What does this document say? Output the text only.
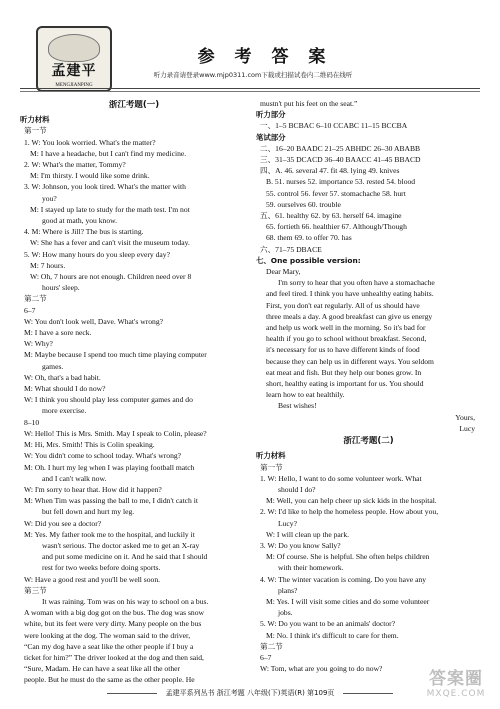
孟建平
MENGJIANPING
参 考 答 案
听力录音请登录www.mjp0311.com下载或扫描试卷内二维码在线听
浙江考题(一)
听力材料
第一节
1. W: You look worried. What's the matter?
M: I have a headache, but I can't find my medicine.
2. W: What's the matter, Tommy?
M: I'm thirsty. I would like some drink.
3. W: Johnson, you look tired. What's the matter with
you?
M: I stayed up late to study for the math test. I'm not
good at math, you know.
4. M: Where is Jill? The bus is starting.
W: She has a fever and can't visit the museum today.
5. W: How many hours do you sleep every day?
M: 7 hours.
W: Oh, 7 hours are not enough. Children need over 8
hours' sleep.
第二节
6–7
W: You don't look well, Dave. What's wrong?
M: I have a sore neck.
W: Why?
M: Maybe because I spend too much time playing computer
games.
W: Oh, that's a bad habit.
M: What should I do now?
W: I think you should play less computer games and do
more exercise.
8–10
W: Hello! This is Mrs. Smith. May I speak to Colin, please?
M: Hi, Mrs. Smith! This is Colin speaking.
W: You didn't come to school today. What's wrong?
M: Oh. I hurt my leg when I was playing football match
and I can't walk now.
W: I'm sorry to hear that. How did it happen?
M: When Tim was passing the ball to me, I didn't catch it
but fell down and hurt my leg.
W: Did you see a doctor?
M: Yes. My father took me to the hospital, and luckily it
wasn't serious. The doctor asked me to get an X-ray
and put some medicine on it. And he said that I should
rest for two weeks before doing sports.
W: Have a good rest and you'll be well soon.
第三节
It was raining. Tom was on his way to school on a bus.
A woman with a big dog got on the bus. The dog was snow
white, but its feet were very dirty. Many people on the bus
were looking at the dog. The woman said to the driver,
“Can my dog have a seat like the other people if I buy a
ticket for him?” The driver looked at the dog and then said,
“Sure, Madam. He can have a seat like all the other
people. But he must do the same as the other people. He
mustn't put his feet on the seat.”
听力部分
一、1–5 BCBAC 6–10 CCABC 11–15 BCCBA
笔试部分
二、16–20 BAADC 21–25 ABHDC 26–30 ABABB
三、31–35 DCACD 36–40 BAACC 41–45 BBACD
四、A. 46. several 47. fit 48. lying 49. knives
B. 51. nurses 52. importance 53. rested 54. blood
55. control 56. fever 57. stomachache 58. hurt
59. ourselves 60. trouble
五、61. healthy 62. by 63. herself 64. imagine
65. fortieth 66. healthier 67. Although/Though
68. them 69. to offer 70. has
六、71–75 DBACE
七、One possible version:
Dear Mary,
I'm sorry to hear that you often have a stomachache
and feel tired. I think you have unhealthy eating habits.
First, you don't eat regularly. All of us should have
three meals a day. A good breakfast can give us energy
and help us work well in the morning. So it's bad for
health if you go to school without breakfast. Second,
it's necessary for us to have different kinds of food
because they can help us in different ways. You seldom
eat meat and fish. But they help our bones grow. In
short, healthy eating is important for us. You should
learn how to eat healthily.
Best wishes!
Yours,
Lucy
浙江考题(二)
听力材料
第一节
1. W: Hello, I want to do some volunteer work. What
should I do?
M: Well, you can help cheer up sick kids in the hospital.
2. W: I'd like to help the homeless people. How about you,
Lucy?
W: I will clean up the park.
3. W: Do you know Sally?
M: Of course. She is helpful. She often helps children
with their homework.
4. W: The winter vacation is coming. Do you have any
plans?
M: Yes. I will visit some cities and do some volunteer
jobs.
5. W: Do you want to be an animals' doctor?
M: No. I think it's difficult to care for them.
第二节
6–7
W: Tom, what are you going to do now?
孟建平系列丛书 浙江考题 八年级(下)英语(R) 第109页
答案圈
MXQE.COM
